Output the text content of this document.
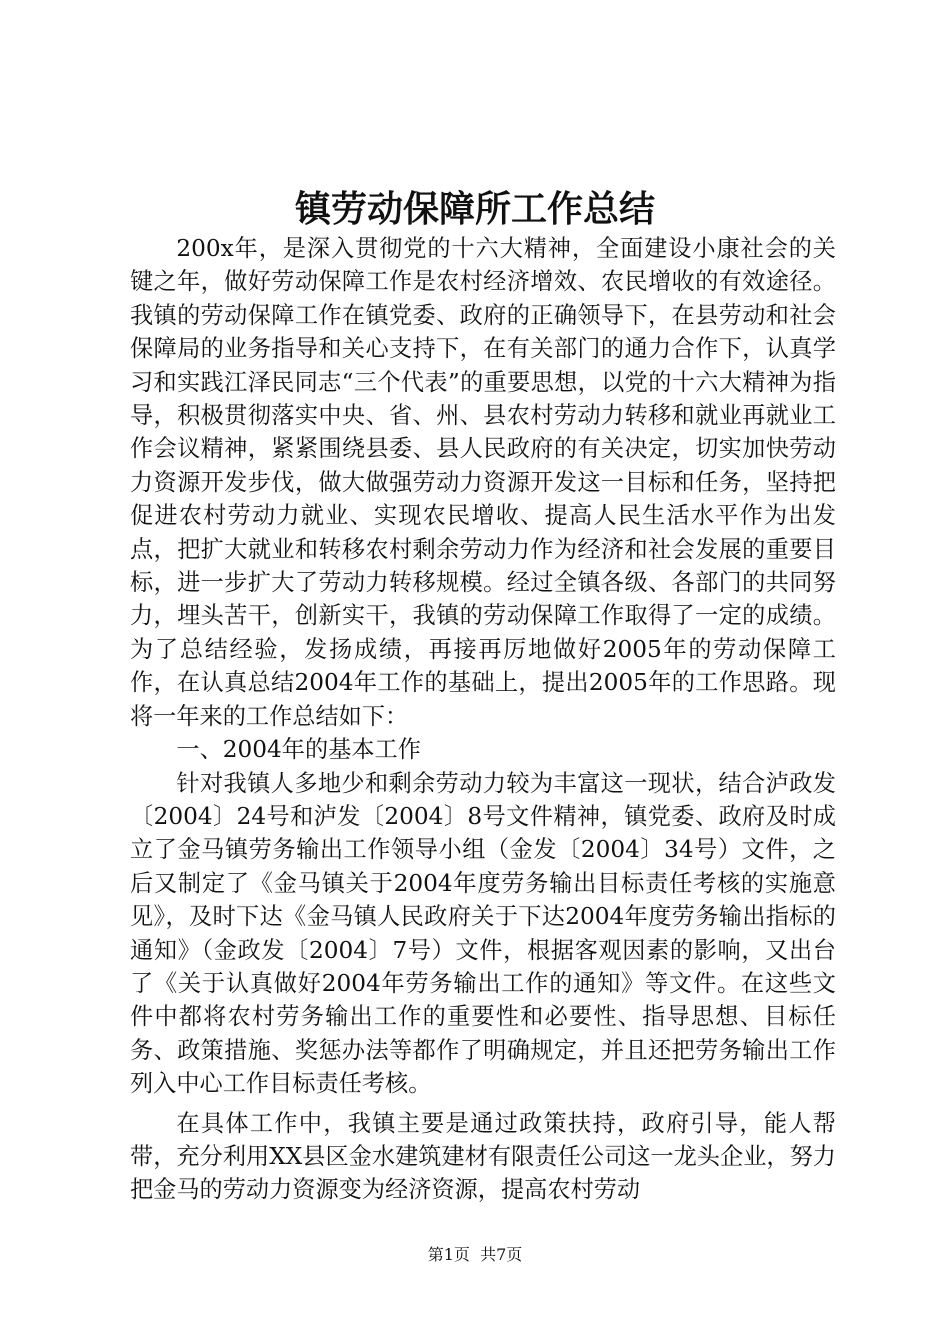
镇劳动保障所工作总结

200x年，是深入贯彻党的十六大精神，全面建设小康社会的关键之年，做好劳动保障工作是农村经济增效、农民增收的有效途径。我镇的劳动保障工作在镇党委、政府的正确领导下，在县劳动和社会保障局的业务指导和关心支持下，在有关部门的通力合作下，认真学习和实践江泽民同志“三个代表”的重要思想，以党的十六大精神为指导，积极贯彻落实中央、省、州、县农村劳动力转移和就业再就业工作会议精神，紧紧围绕县委、县人民政府的有关决定，切实加快劳动力资源开发步伐，做大做强劳动力资源开发这一目标和任务，坚持把促进农村劳动力就业、实现农民增收、提高人民生活水平作为出发点，把扩大就业和转移农村剩余劳动力作为经济和社会发展的重要目标，进一步扩大了劳动力转移规模。经过全镇各级、各部门的共同努力，埋头苦干，创新实干，我镇的劳动保障工作取得了一定的成绩。为了总结经验，发扬成绩，再接再厉地做好2005年的劳动保障工作，在认真总结2004年工作的基础上，提出2005年的工作思路。现将一年来的工作总结如下：

一、2004年的基本工作

针对我镇人多地少和剩余劳动力较为丰富这一现状，结合泸政发〔2004〕24号和泸发〔2004〕8号文件精神，镇党委、政府及时成立了金马镇劳务输出工作领导小组（金发〔2004〕34号）文件，之后又制定了《金马镇关于2004年度劳务输出目标责任考核的实施意见》，及时下达《金马镇人民政府关于下达2004年度劳务输出指标的通知》（金政发〔2004〕7号）文件，根据客观因素的影响，又出台了《关于认真做好2004年劳务输出工作的通知》等文件。在这些文件中都将农村劳务输出工作的重要性和必要性、指导思想、目标任务、政策措施、奖惩办法等都作了明确规定，并且还把劳务输出工作列入中心工作目标责任考核。

在具体工作中，我镇主要是通过政策扶持，政府引导，能人帮带，充分利用XX县区金水建筑建材有限责任公司这一龙头企业，努力把金马的劳动力资源变为经济资源，提高农村劳动

第1页  共7页
